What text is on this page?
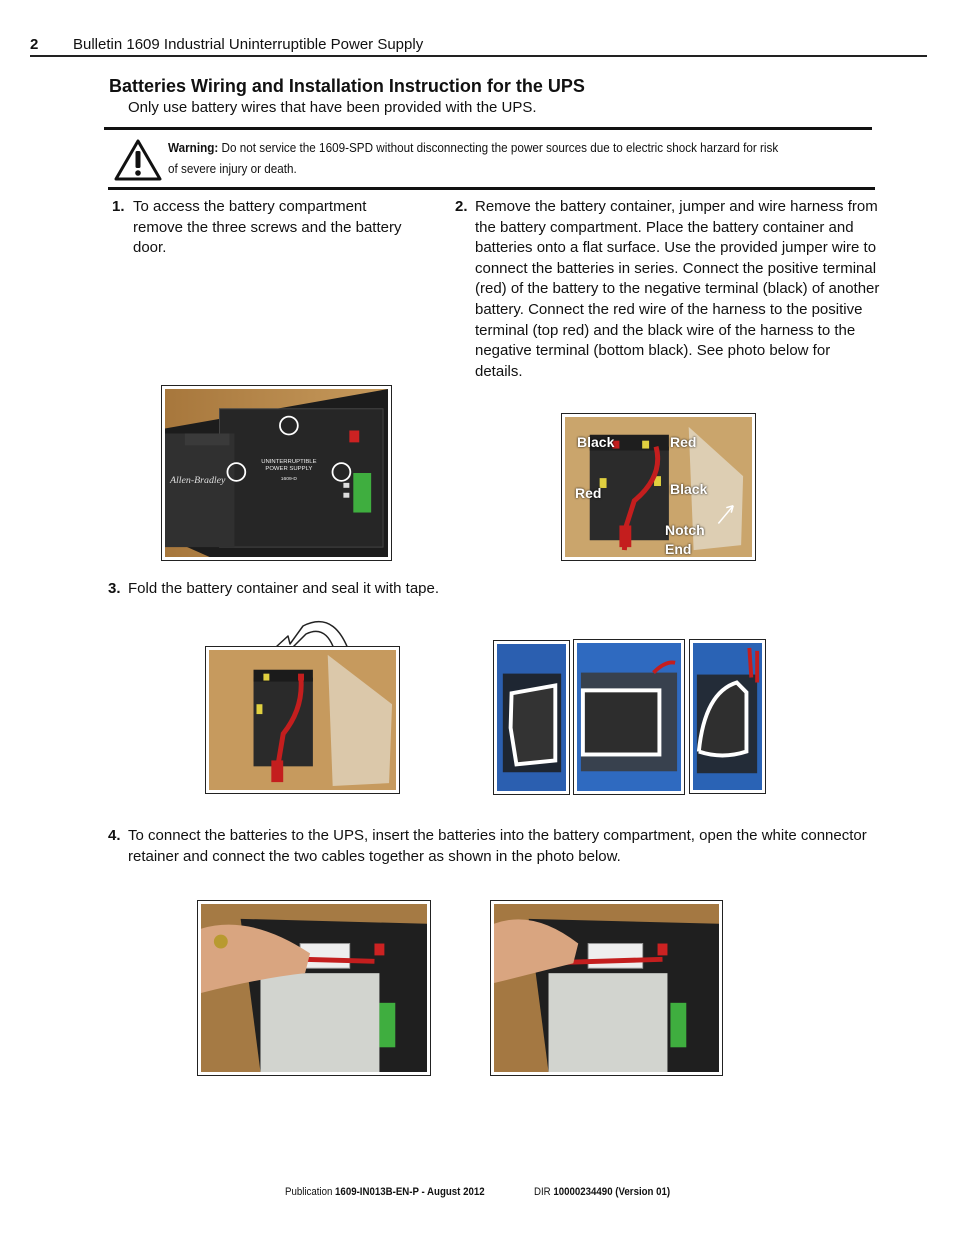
2 Bulletin 1609 Industrial Uninterruptible Power Supply
Batteries Wiring and Installation Instruction for the UPS
Only use battery wires that have been provided with the UPS.
Warning: Do not service the 1609-SPD without disconnecting the power sources due to electric shock harzard for risk of severe injury or death.
1. To access the battery compartment remove the three screws and the battery door.
2. Remove the battery container, jumper and wire harness from the battery compartment. Place the battery container and batteries onto a flat surface. Use the provided jumper wire to connect the batteries in series. Connect the positive terminal (red) of the battery to the negative terminal (black) of another battery. Connect the red wire of the harness to the positive terminal (top red) and the black wire of the harness to the negative terminal (bottom black). See photo below for details.
Allen-Bradley
UNINTERRUPTIBLE
POWER SUPPLY
1609-D
Black	Red
Red	Black
Notch
End
3. Fold the battery container and seal it with tape.
4. To connect the batteries to the UPS, insert the batteries into the battery compartment, open the white connector retainer and connect the two cables together as shown in the photo below.
Publication 1609-IN013B-EN-P - August 2012	DIR 10000234490 (Version 01)
